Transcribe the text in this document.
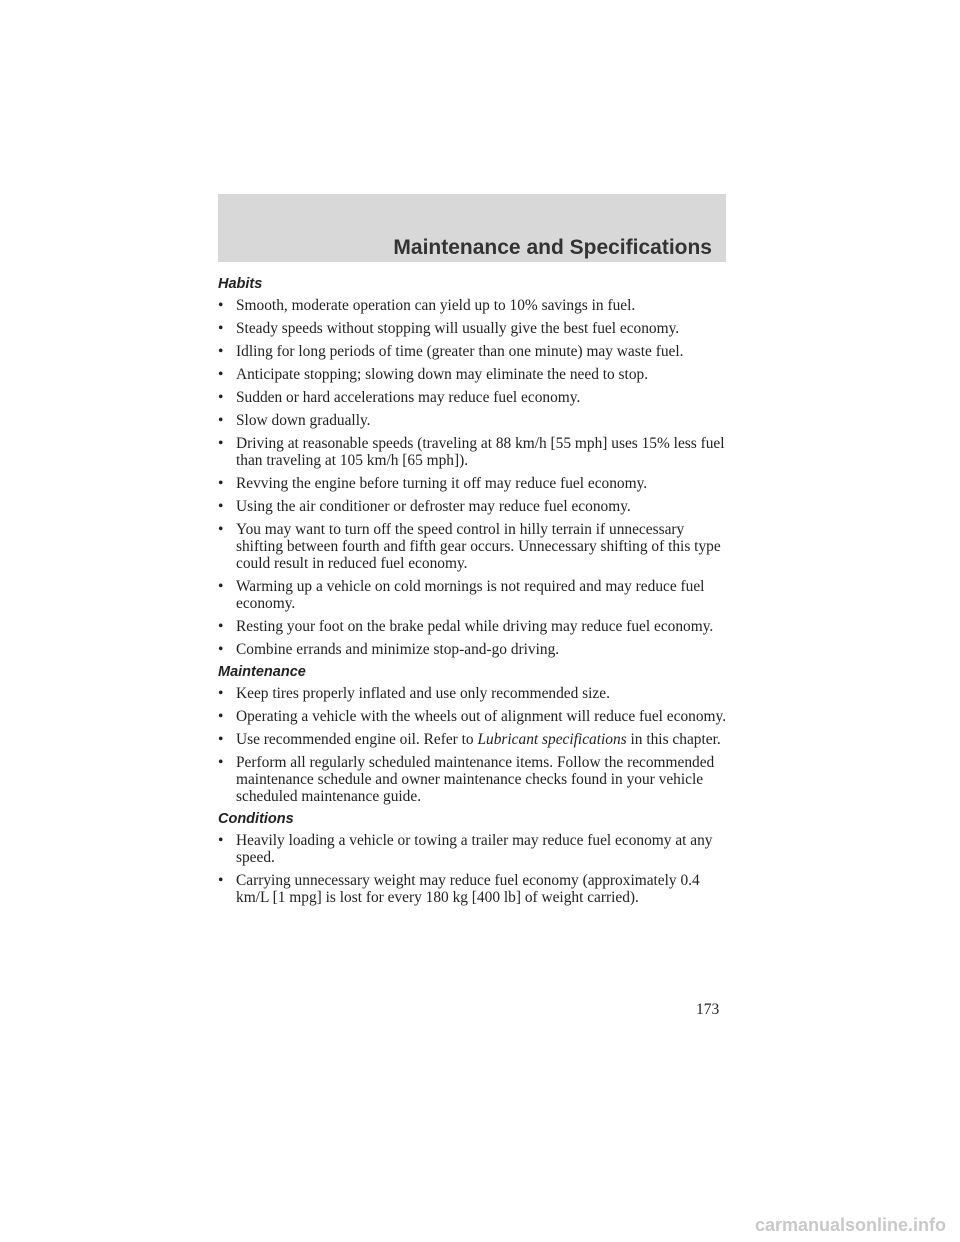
Maintenance and Specifications
Habits
• Smooth, moderate operation can yield up to 10% savings in fuel.
• Steady speeds without stopping will usually give the best fuel economy.
• Idling for long periods of time (greater than one minute) may waste fuel.
• Anticipate stopping; slowing down may eliminate the need to stop.
• Sudden or hard accelerations may reduce fuel economy.
• Slow down gradually.
• Driving at reasonable speeds (traveling at 88 km/h [55 mph] uses 15% less fuel than traveling at 105 km/h [65 mph]).
• Revving the engine before turning it off may reduce fuel economy.
• Using the air conditioner or defroster may reduce fuel economy.
• You may want to turn off the speed control in hilly terrain if unnecessary shifting between fourth and fifth gear occurs. Unnecessary shifting of this type could result in reduced fuel economy.
• Warming up a vehicle on cold mornings is not required and may reduce fuel economy.
• Resting your foot on the brake pedal while driving may reduce fuel economy.
• Combine errands and minimize stop-and-go driving.
Maintenance
• Keep tires properly inflated and use only recommended size.
• Operating a vehicle with the wheels out of alignment will reduce fuel economy.
• Use recommended engine oil. Refer to Lubricant specifications in this chapter.
• Perform all regularly scheduled maintenance items. Follow the recommended maintenance schedule and owner maintenance checks found in your vehicle scheduled maintenance guide.
Conditions
• Heavily loading a vehicle or towing a trailer may reduce fuel economy at any speed.
• Carrying unnecessary weight may reduce fuel economy (approximately 0.4 km/L [1 mpg] is lost for every 180 kg [400 lb] of weight carried).
173
carmanualsonline.info
